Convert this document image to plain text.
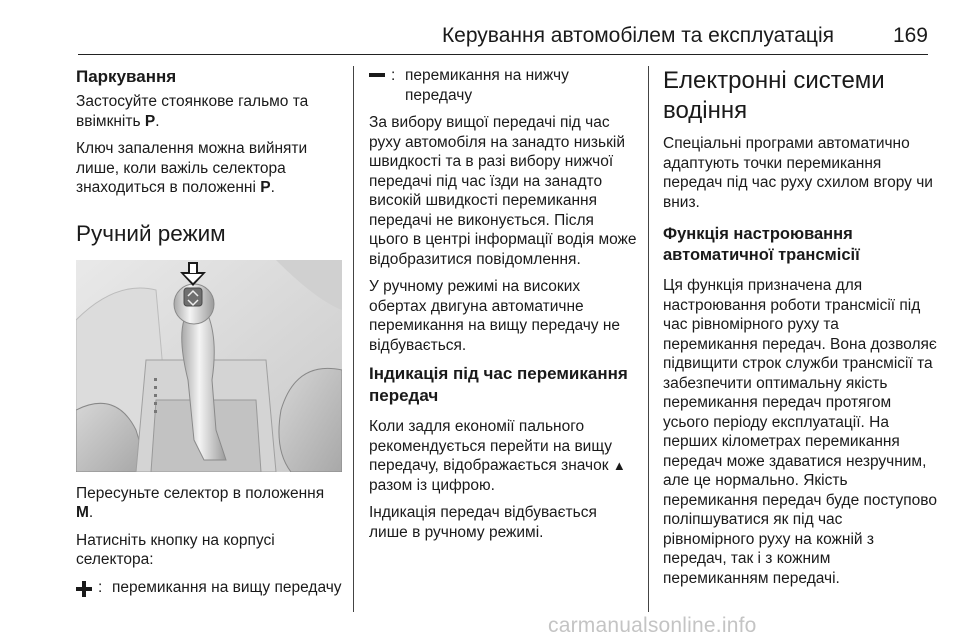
Керування автомобілем та експлуатація	169
Паркування

Застосуйте стоянкове гальмо та ввімкніть P.

Ключ запалення можна вийняти лише, коли важіль селектора знаходиться в положенні P.

Ручний режим

Пересуньте селектор в положення M.

Натисніть кнопку на корпусі селектора:

: перемикання на вищу передачу
: перемикання на нижчу передачу

За вибору вищої передачі під час руху автомобіля на занадто низькій швидкості та в разі вибору нижчої передачі під час їзди на занадто високій швидкості перемикання передачі не виконується. Після цього в центрі інформації водія може відобразитися повідомлення.

У ручному режимі на високих обертах двигуна автоматичне перемикання на вищу передачу не відбувається.

Індикація під час перемикання передач

Коли задля економії пального рекомендується перейти на вищу передачу, відображається значок ▲ разом із цифрою.

Індикація передач відбувається лише в ручному режимі.

Електронні системи водіння

Спеціальні програми автоматично адаптують точки перемикання передач під час руху схилом вгору чи вниз.

Функція настроювання автоматичної трансмісії

Ця функція призначена для настроювання роботи трансмісії під час рівномірного руху та перемикання передач. Вона дозволяє підвищити строк служби трансмісії та забезпечити оптимальну якість перемикання передач протягом усього періоду експлуатації. На перших кілометрах перемикання передач може здаватися незручним, але це нормально. Якість перемикання передач буде поступово поліпшуватися як під час рівномірного руху на кожній з передач, так і з кожним перемиканням передачі.

carmanualsonline.info
